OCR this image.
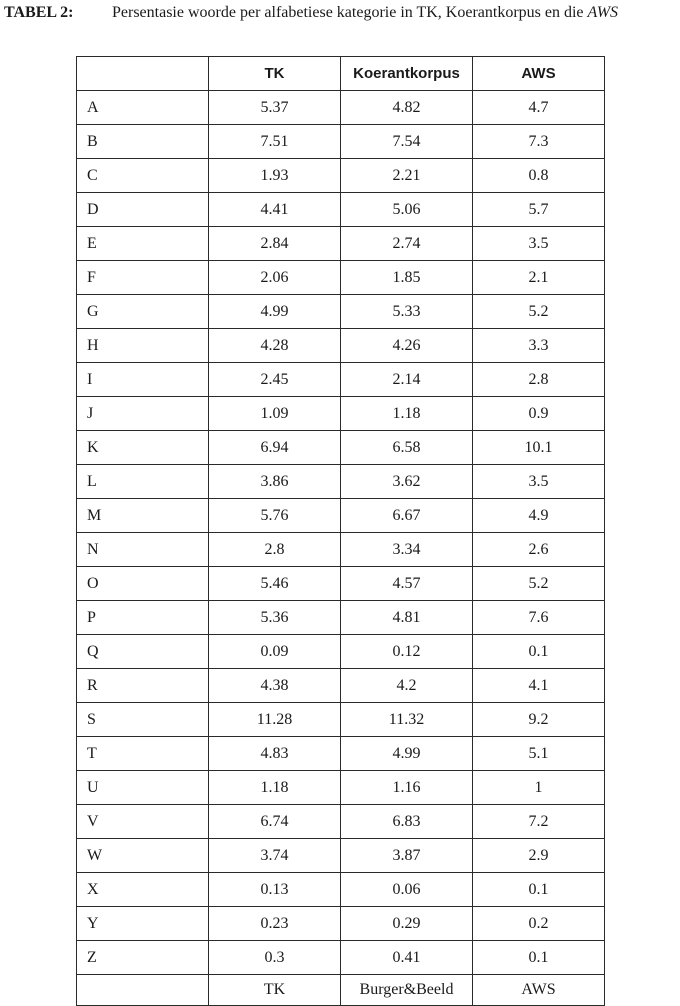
TABEL 2: Persentasie woorde per alfabetiese kategorie in TK, Koerantkorpus en die AWS
	TK	Koerantkorpus	AWS
A	5.37	4.82	4.7
B	7.51	7.54	7.3
C	1.93	2.21	0.8
D	4.41	5.06	5.7
E	2.84	2.74	3.5
F	2.06	1.85	2.1
G	4.99	5.33	5.2
H	4.28	4.26	3.3
I	2.45	2.14	2.8
J	1.09	1.18	0.9
K	6.94	6.58	10.1
L	3.86	3.62	3.5
M	5.76	6.67	4.9
N	2.8	3.34	2.6
O	5.46	4.57	5.2
P	5.36	4.81	7.6
Q	0.09	0.12	0.1
R	4.38	4.2	4.1
S	11.28	11.32	9.2
T	4.83	4.99	5.1
U	1.18	1.16	1
V	6.74	6.83	7.2
W	3.74	3.87	2.9
X	0.13	0.06	0.1
Y	0.23	0.29	0.2
Z	0.3	0.41	0.1
	TK	Burger&Beeld	AWS
